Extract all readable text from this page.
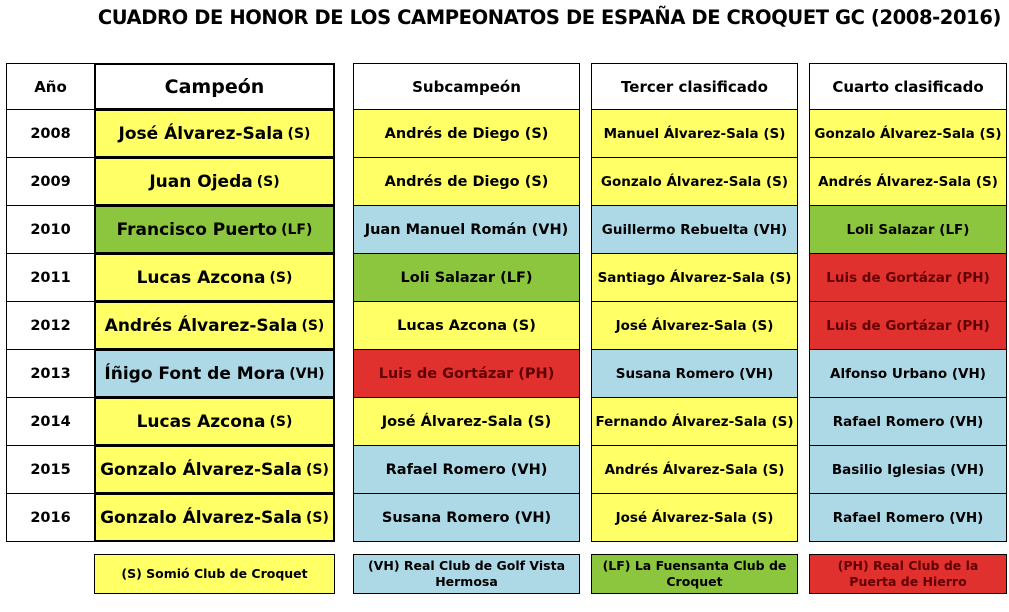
CUADRO DE HONOR DE LOS CAMPEONATOS DE ESPAÑA DE CROQUET GC (2008-2016)
Año	Campeón	Subcampeón	Tercer clasificado	Cuarto clasificado
2008	José Álvarez-Sala (S)	Andrés de Diego (S)	Manuel Álvarez-Sala (S)	Gonzalo Álvarez-Sala (S)
2009	Juan Ojeda (S)	Andrés de Diego (S)	Gonzalo Álvarez-Sala (S)	Andrés Álvarez-Sala (S)
2010	Francisco Puerto (LF)	Juan Manuel Román (VH)	Guillermo Rebuelta (VH)	Loli Salazar (LF)
2011	Lucas Azcona (S)	Loli Salazar (LF)	Santiago Álvarez-Sala (S)	Luis de Gortázar (PH)
2012	Andrés Álvarez-Sala (S)	Lucas Azcona (S)	José Álvarez-Sala (S)	Luis de Gortázar (PH)
2013	Íñigo Font de Mora (VH)	Luis de Gortázar (PH)	Susana Romero (VH)	Alfonso Urbano (VH)
2014	Lucas Azcona (S)	José Álvarez-Sala (S)	Fernando Álvarez-Sala (S)	Rafael Romero (VH)
2015	Gonzalo Álvarez-Sala (S)	Rafael Romero (VH)	Andrés Álvarez-Sala (S)	Basilio Iglesias (VH)
2016	Gonzalo Álvarez-Sala (S)	Susana Romero (VH)	José Álvarez-Sala (S)	Rafael Romero (VH)
(S) Somió Club de Croquet
(VH) Real Club de Golf Vista Hermosa
(LF) La Fuensanta Club de Croquet
(PH) Real Club de la Puerta de Hierro
